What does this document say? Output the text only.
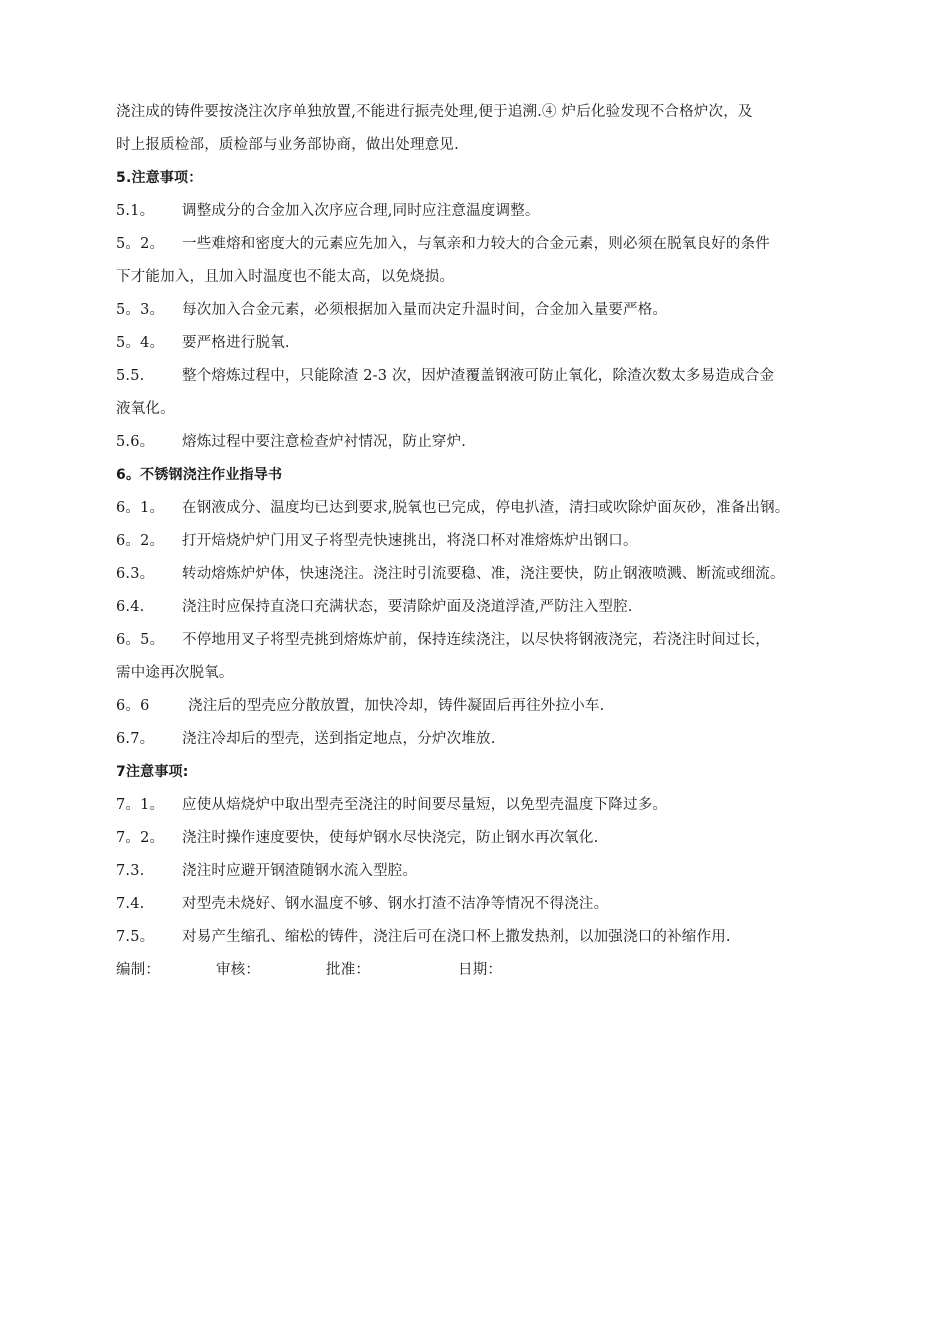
浇注成的铸件要按浇注次序单独放置,不能进行振壳处理,便于追溯.④ 炉后化验发现不合格炉次，及
时上报质检部，质检部与业务部协商，做出处理意见.
5.注意事项：
5.1。 调整成分的合金加入次序应合理,同时应注意温度调整。
5。2。 一些难熔和密度大的元素应先加入，与氧亲和力较大的合金元素，则必须在脱氧良好的条件
下才能加入，且加入时温度也不能太高，以免烧损。
5。3。 每次加入合金元素，必须根据加入量而决定升温时间，合金加入量要严格。
5。4。 要严格进行脱氧.
5.5.	整个熔炼过程中，只能除渣 2-3 次，因炉渣覆盖钢液可防止氧化，除渣次数太多易造成合金
液氧化。
5.6。 熔炼过程中要注意检查炉衬情况，防止穿炉.
6。不锈钢浇注作业指导书
6。1。 在钢液成分、温度均已达到要求,脱氧也已完成，停电扒渣，清扫或吹除炉面灰砂，准备出钢。
6。2。 打开焙烧炉炉门用叉子将型壳快速挑出，将浇口杯对准熔炼炉出钢口。
6.3。 转动熔炼炉炉体，快速浇注。浇注时引流要稳、准，浇注要快，防止钢液喷溅、断流或细流。
6.4.	浇注时应保持直浇口充满状态，要清除炉面及浇道浮渣,严防注入型腔.
6。5。 不停地用叉子将型壳挑到熔炼炉前，保持连续浇注，以尽快将钢液浇完，若浇注时间过长，
需中途再次脱氧。
6。6	浇注后的型壳应分散放置，加快冷却，铸件凝固后再往外拉小车.
6.7。 浇注冷却后的型壳，送到指定地点，分炉次堆放.
7注意事项:
7。1。 应使从焙烧炉中取出型壳至浇注的时间要尽量短，以免型壳温度下降过多。
7。2。 浇注时操作速度要快，使每炉钢水尽快浇完，防止钢水再次氧化.
7.3.	浇注时应避开钢渣随钢水流入型腔。
7.4.	对型壳未烧好、钢水温度不够、钢水打渣不洁净等情况不得浇注。
7.5。 对易产生缩孔、缩松的铸件，浇注后可在浇口杯上撒发热剂，以加强浇口的补缩作用.
编制：	审核：	批准：	日期：
